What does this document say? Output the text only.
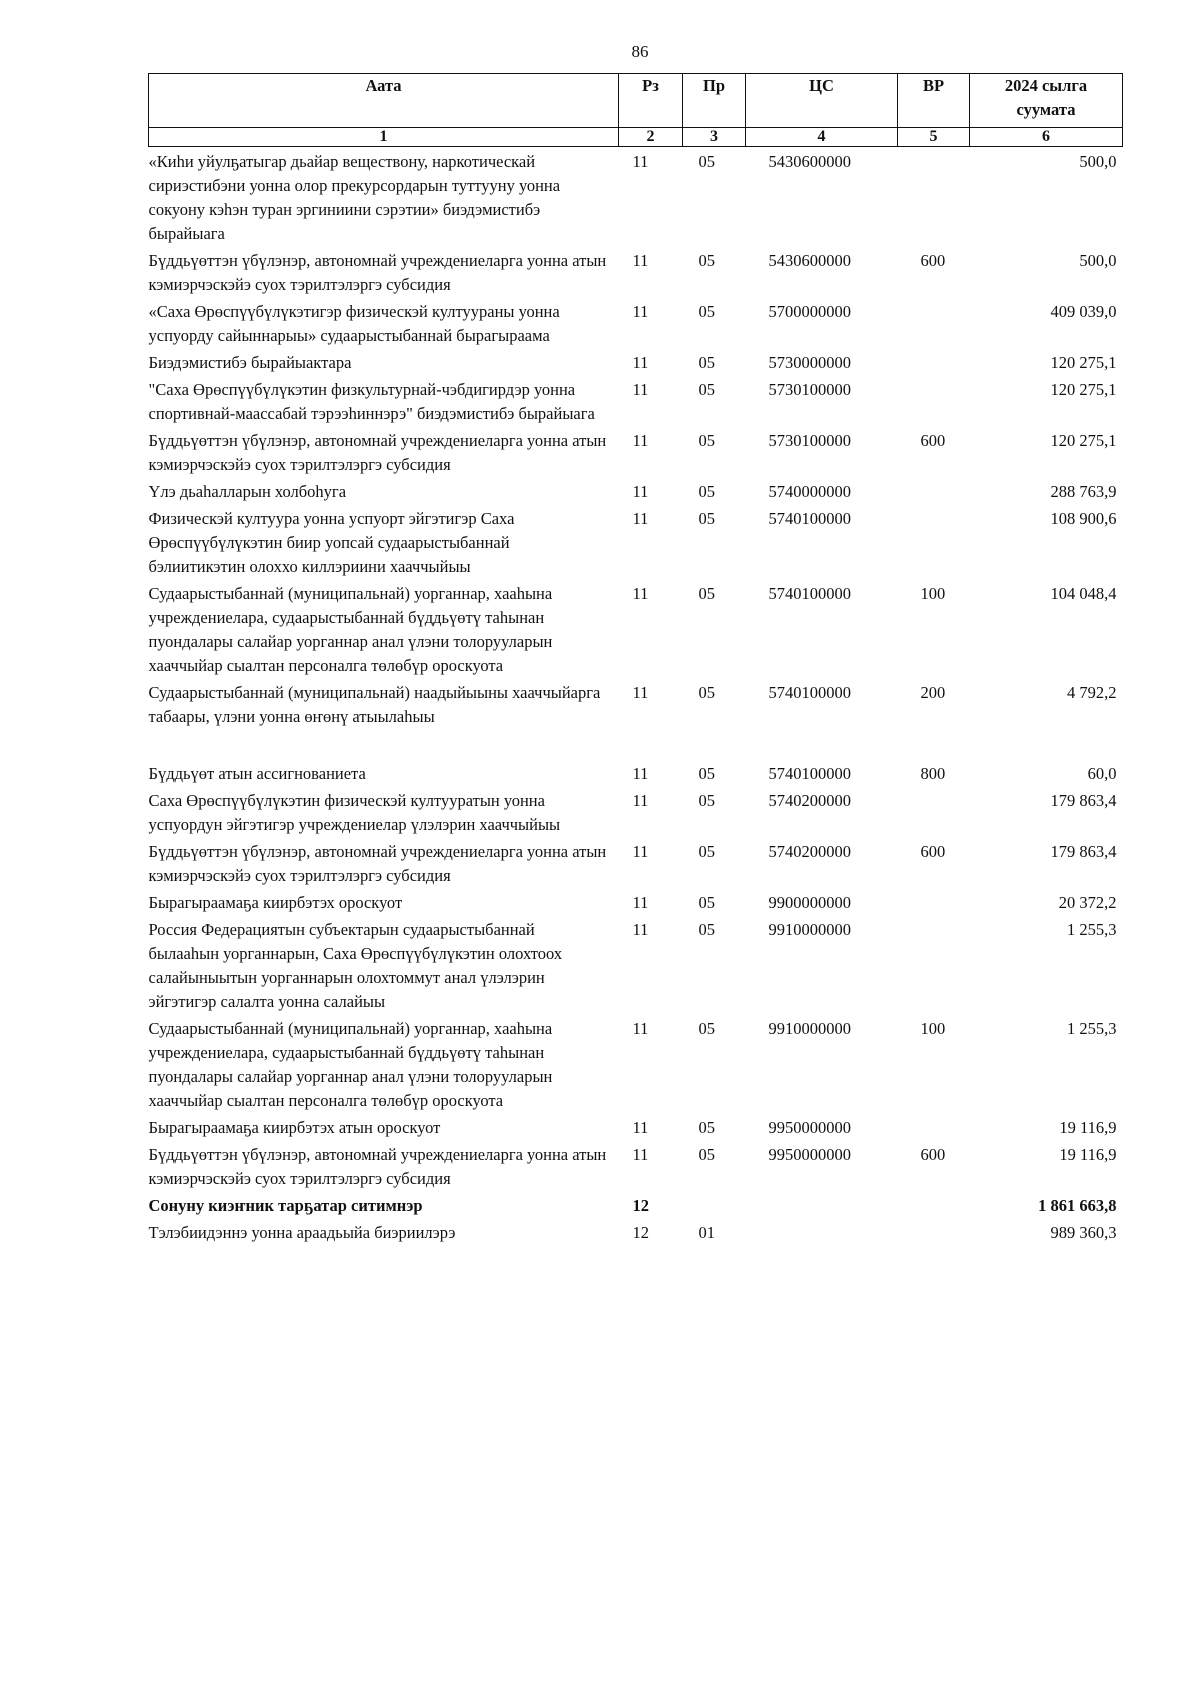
86
Аата	Рз	Пр	ЦС	ВР	2024 сылга
суумата

1	2	3	4	5	6
«Киhи уйулҕатыгар дьайар веществону, наркотическай сириэстибэни уонна олор прекурсордарын туттууну уонна сокуону кэhэн туран эргиниини сэрэтии» биэдэмистибэ бырайыага	11	05	5430600000		500,0
Бүддьүөттэн үбүлэнэр, автономнай учреждениеларга уонна атын кэмиэрчэскэйэ суох тэрилтэлэргэ субсидия	11	05	5430600000	600	500,0
«Саха Өрөспүүбүлүкэтигэр физическэй култуураны уонна успуорду сайыннарыы» судаарыстыбаннай бырагыраама	11	05	5700000000		409 039,0
Биэдэмистибэ бырайыактара	11	05	5730000000		120 275,1
"Саха Өрөспүүбүлүкэтин физкультурнай-чэбдигирдэр уонна спортивнай-маассабай тэрээhиннэрэ" биэдэмистибэ бырайыага	11	05	5730100000		120 275,1
Бүддьүөттэн үбүлэнэр, автономнай учреждениеларга уонна атын кэмиэрчэскэйэ суох тэрилтэлэргэ субсидия	11	05	5730100000	600	120 275,1
Үлэ дьаhалларын холбоhуга	11	05	5740000000		288 763,9
Физическэй култуура уонна успуорт эйгэтигэр Саха Өрөспүүбүлүкэтин биир уопсай судаарыстыбаннай бэлиитикэтин олоххо киллэриини хааччыйыы	11	05	5740100000		108 900,6
Судаарыстыбаннай (муниципальнай) уорганнар, хааhына учреждениелара, судаарыстыбаннай бүддьүөтү таhынан пуондалары салайар уорганнар анал үлэни толорууларын хааччыйар сыалтан персоналга төлөбүр ороскуота	11	05	5740100000	100	104 048,4
Судаарыстыбаннай (муниципальнай) наадыйыыны хааччыйарга табаары, үлэни уонна өҥөнү атыылаhыы	11	05	5740100000	200	4 792,2
Бүддьүөт атын ассигнованиета	11	05	5740100000	800	60,0
Саха Өрөспүүбүлүкэтин физическэй култууратын уонна успуордун эйгэтигэр учреждениелар үлэлэрин хааччыйыы	11	05	5740200000		179 863,4
Бүддьүөттэн үбүлэнэр, автономнай учреждениеларга уонна атын кэмиэрчэскэйэ суох тэрилтэлэргэ субсидия	11	05	5740200000	600	179 863,4
Бырагыраамаҕа киирбэтэх ороскуот	11	05	9900000000		20 372,2
Россия Федерациятын субъектарын судаарыстыбаннай былааhын уорганнарын, Саха Өрөспүүбүлүкэтин олохтоох салайыныытын уорганнарын олохтоммут анал үлэлэрин эйгэтигэр салалта уонна салайыы	11	05	9910000000		1 255,3
Судаарыстыбаннай (муниципальнай) уорганнар, хааhына учреждениелара, судаарыстыбаннай бүддьүөтү таhынан пуондалары салайар уорганнар анал үлэни толорууларын хааччыйар сыалтан персоналга төлөбүр ороскуота	11	05	9910000000	100	1 255,3
Бырагыраамаҕа киирбэтэх атын ороскуот	11	05	9950000000		19 116,9
Бүддьүөттэн үбүлэнэр, автономнай учреждениеларга уонна атын кэмиэрчэскэйэ суох тэрилтэлэргэ субсидия	11	05	9950000000	600	19 116,9
Сонуну киэҥник тарҕатар ситимнэр	12				1 861 663,8
Тэлэбиидэннэ уонна араадьыйа биэриилэрэ	12	01			989 360,3
